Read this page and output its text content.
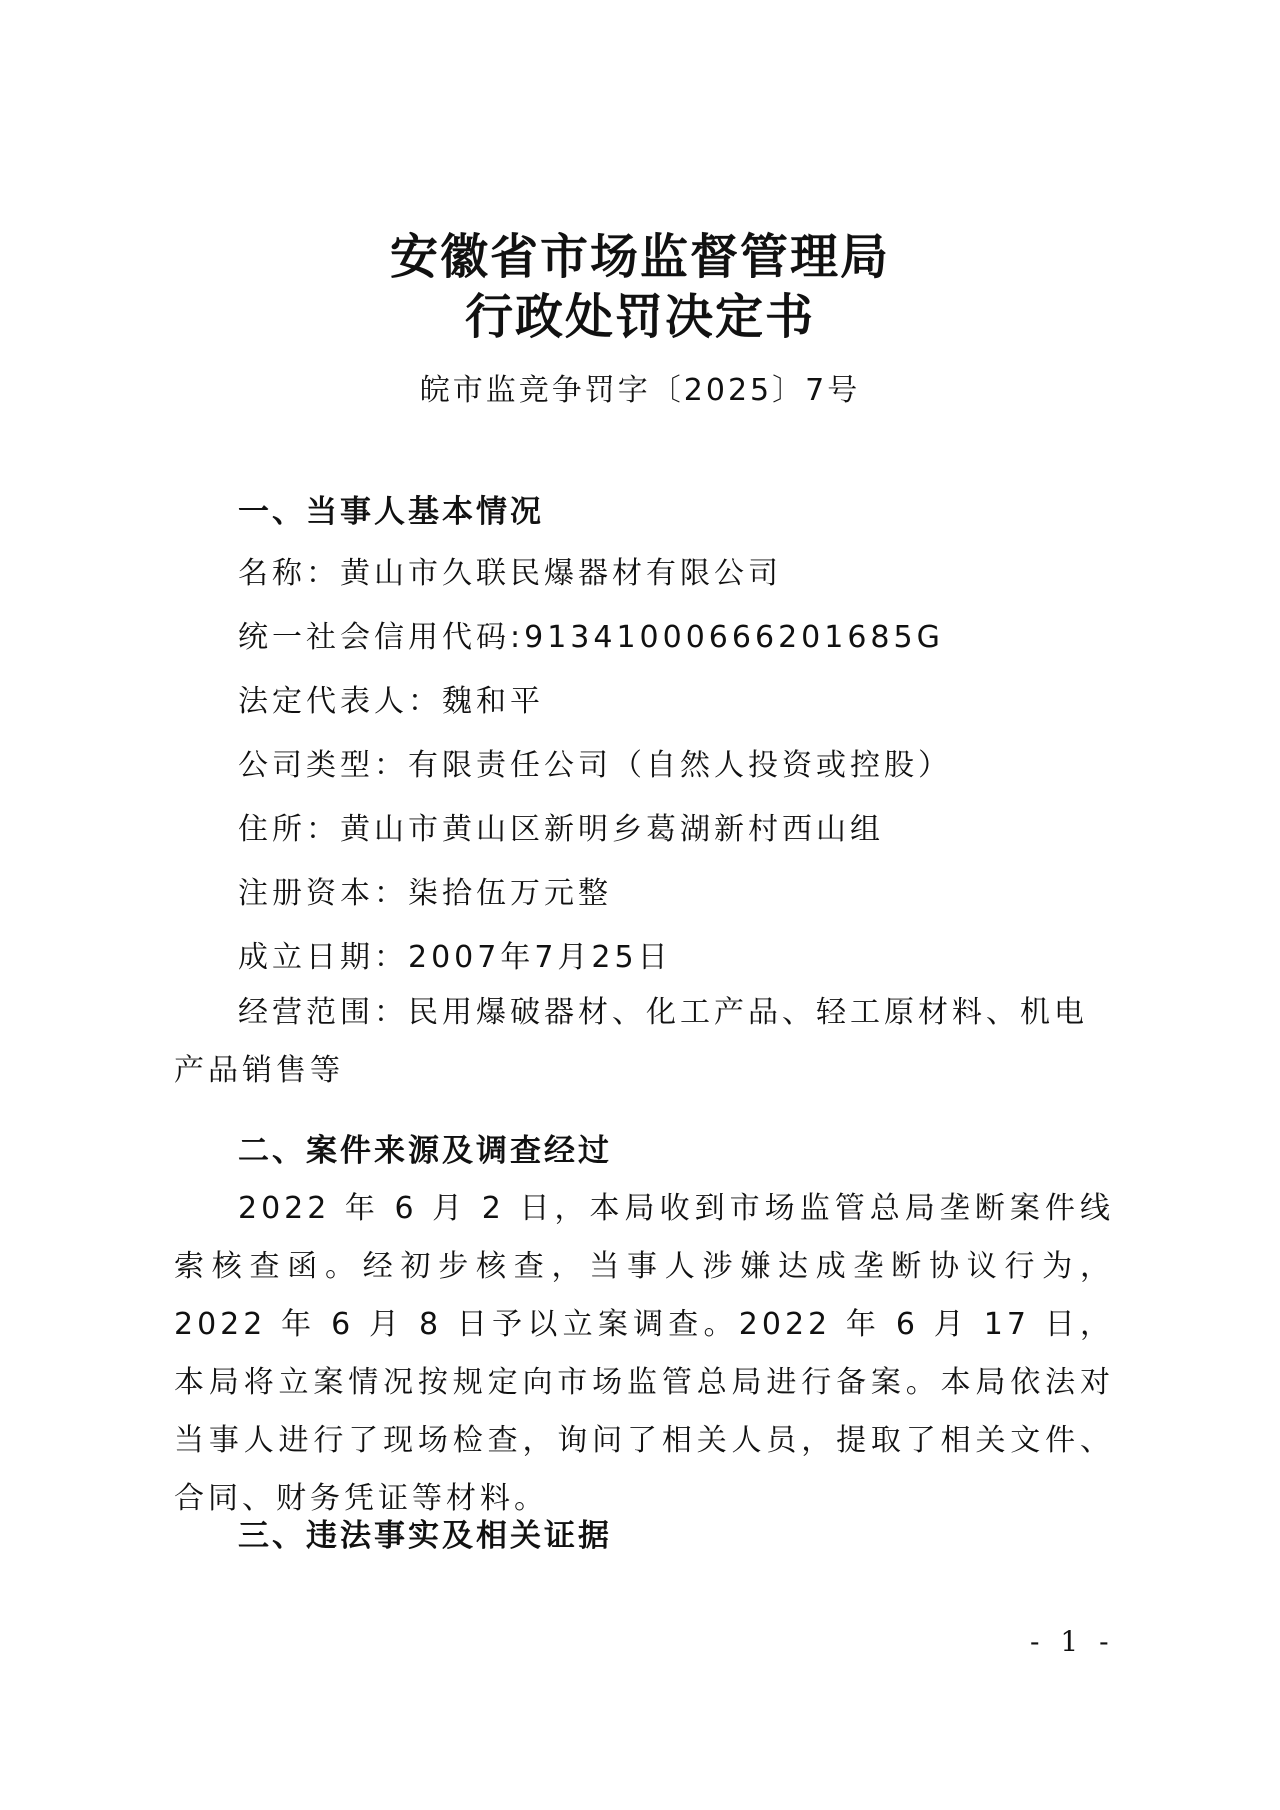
安徽省市场监督管理局
行政处罚决定书
皖市监竞争罚字〔2025〕7号
一、当事人基本情况
名称：黄山市久联民爆器材有限公司
统一社会信用代码:91341000666201685G
法定代表人：魏和平
公司类型：有限责任公司（自然人投资或控股）
住所：黄山市黄山区新明乡葛湖新村西山组
注册资本：柒拾伍万元整
成立日期：2007年7月25日
经营范围：民用爆破器材、化工产品、轻工原材料、机电产品销售等
二、案件来源及调查经过
2022 年 6 月 2 日，本局收到市场监管总局垄断案件线索核查函。经初步核查，当事人涉嫌达成垄断协议行为，2022 年 6 月 8 日予以立案调查。2022 年 6 月 17 日，本局将立案情况按规定向市场监管总局进行备案。本局依法对当事人进行了现场检查，询问了相关人员，提取了相关文件、合同、财务凭证等材料。
三、违法事实及相关证据
- 1 -
